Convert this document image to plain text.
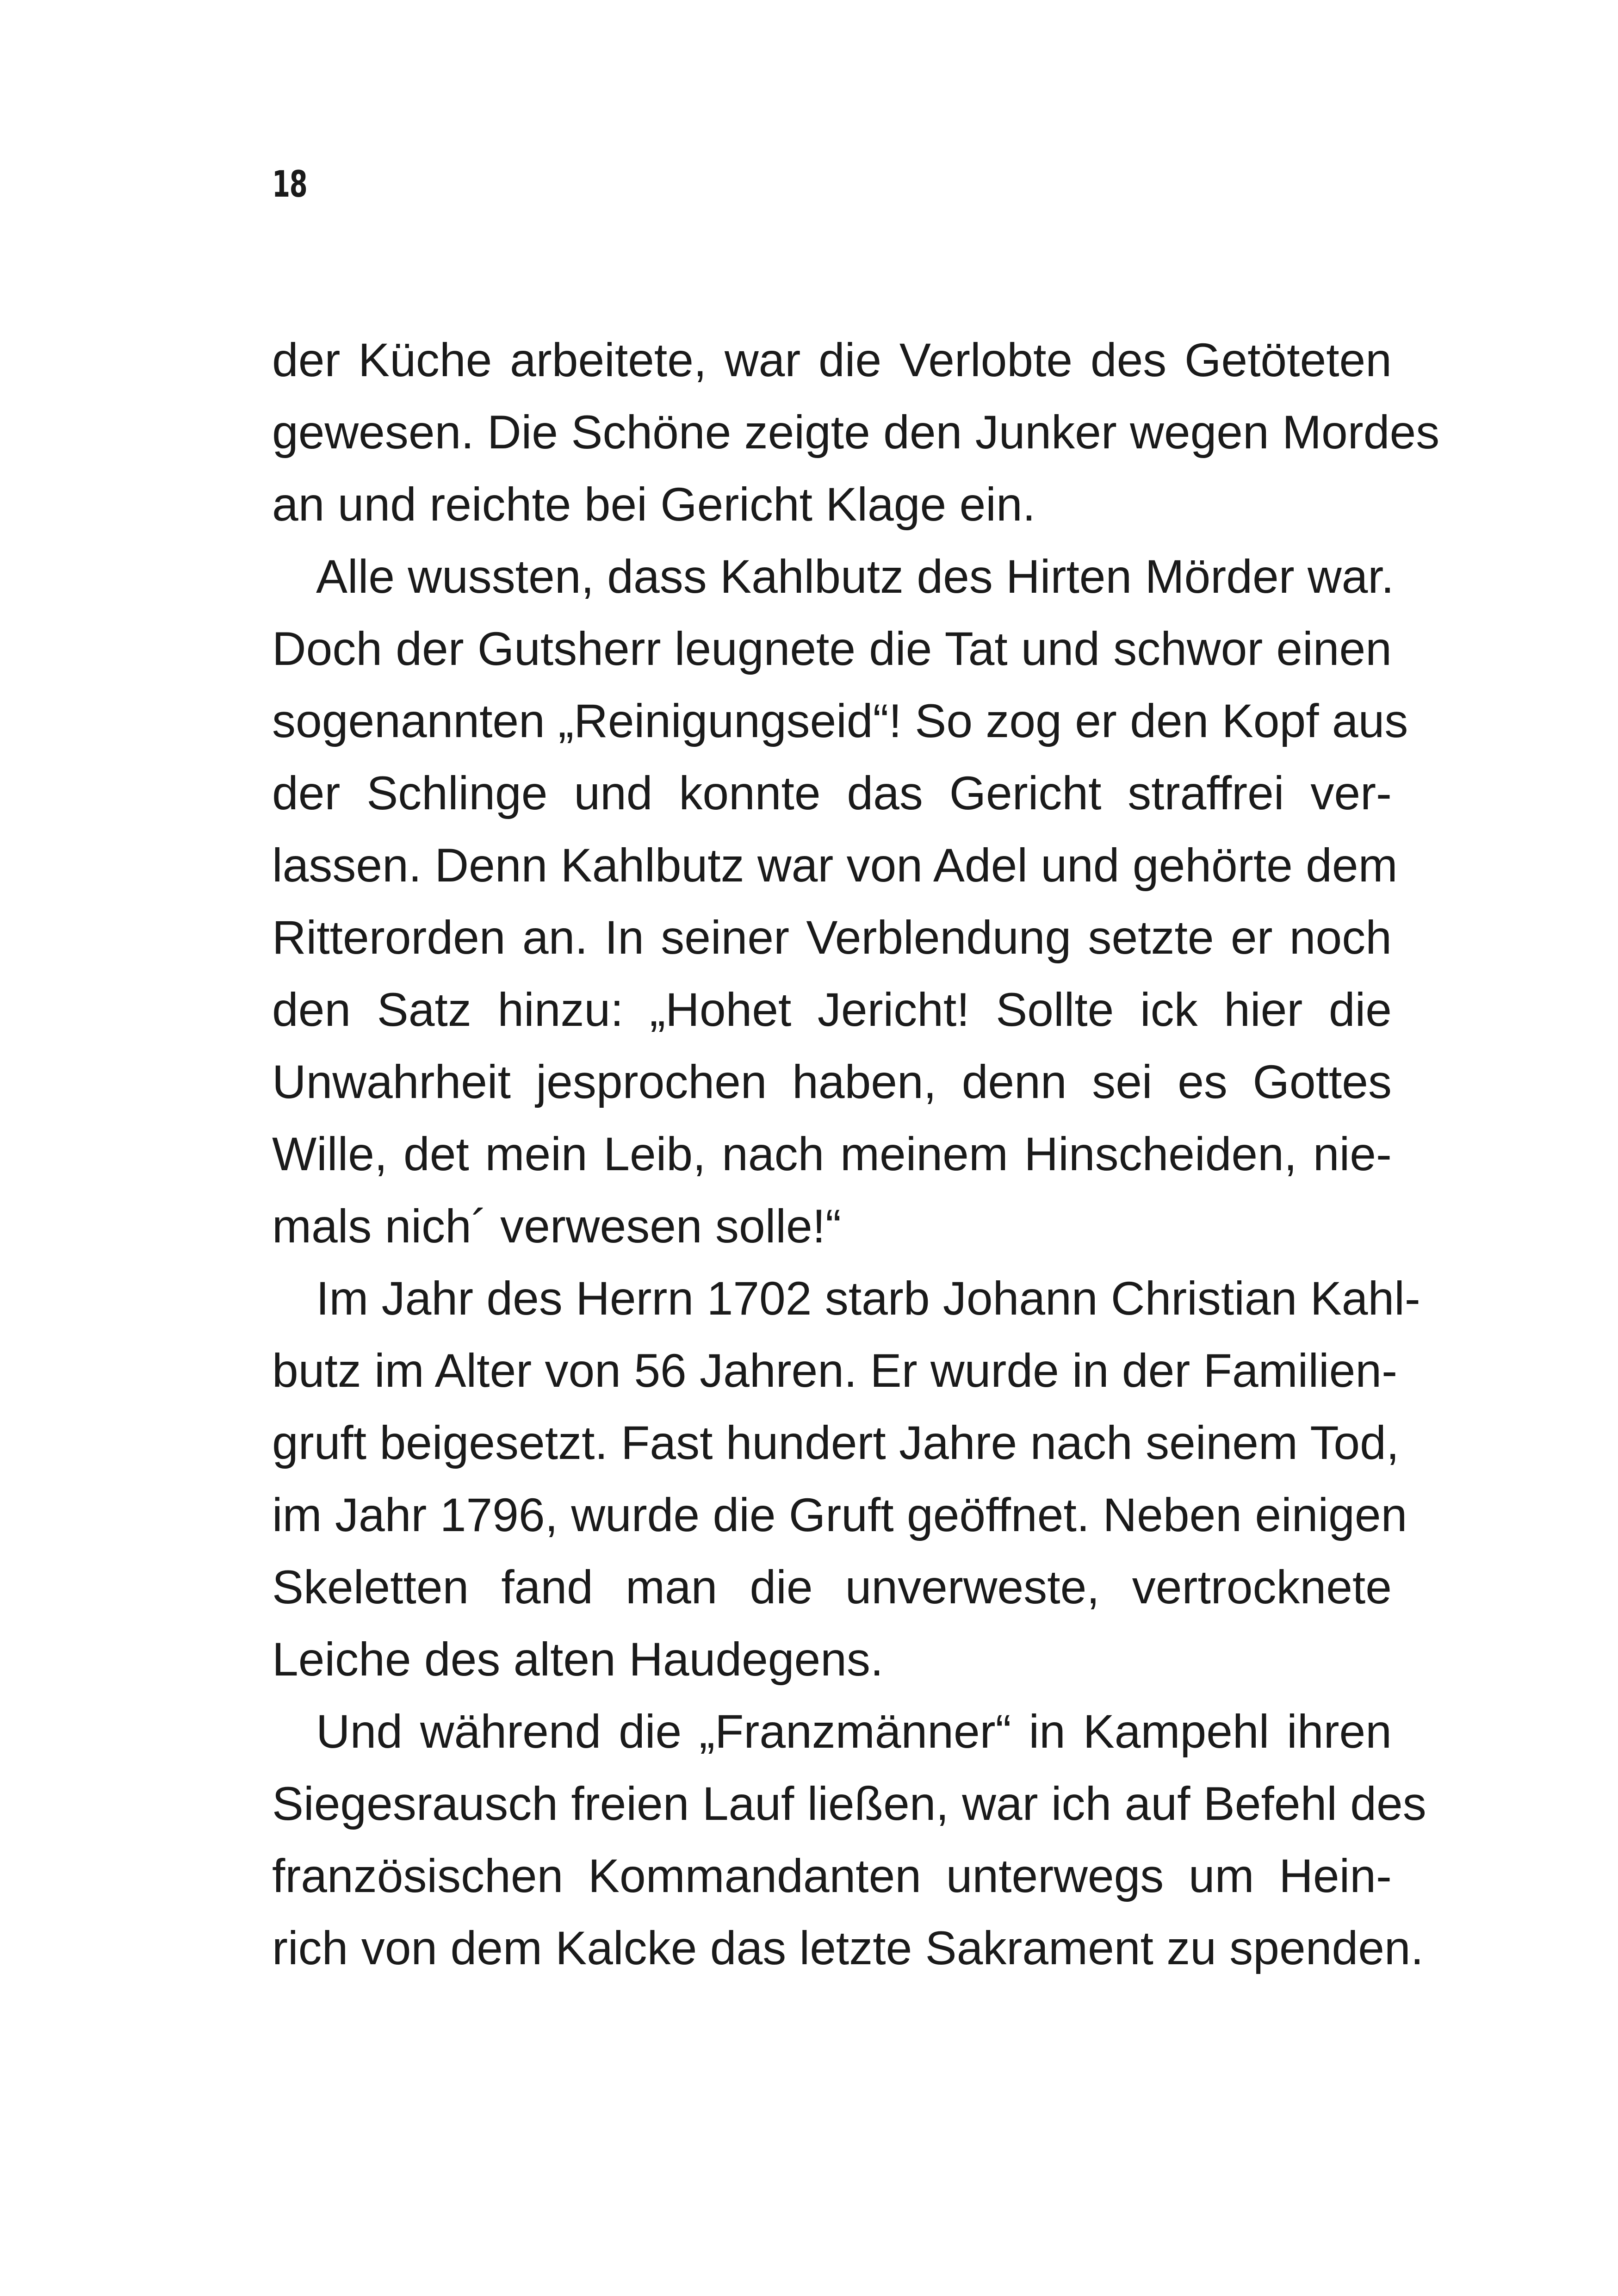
18
der Küche arbeitete, war die Verlobte des Getöteten
gewesen. Die Schöne zeigte den Junker wegen Mordes
an und reichte bei Gericht Klage ein.
Alle wussten, dass Kahlbutz des Hirten Mörder war.
Doch der Gutsherr leugnete die Tat und schwor einen
sogenannten „Reinigungseid“! So zog er den Kopf aus
der Schlinge und konnte das Gericht straffrei ver-
lassen. Denn Kahlbutz war von Adel und gehörte dem
Ritterorden an. In seiner Verblendung setzte er noch
den Satz hinzu: „Hohet Jericht! Sollte ick hier die
Unwahrheit jesprochen haben, denn sei es Gottes
Wille, det mein Leib, nach meinem Hinscheiden, nie-
mals nich´ verwesen solle!“
Im Jahr des Herrn 1702 starb Johann Christian Kahl-
butz im Alter von 56 Jahren. Er wurde in der Familien-
gruft beigesetzt. Fast hundert Jahre nach seinem Tod,
im Jahr 1796, wurde die Gruft geöffnet. Neben einigen
Skeletten fand man die unverweste, vertrocknete
Leiche des alten Haudegens.
Und während die „Franzmänner“ in Kampehl ihren
Siegesrausch freien Lauf ließen, war ich auf Befehl des
französischen Kommandanten unterwegs um Hein-
rich von dem Kalcke das letzte Sakrament zu spenden.
